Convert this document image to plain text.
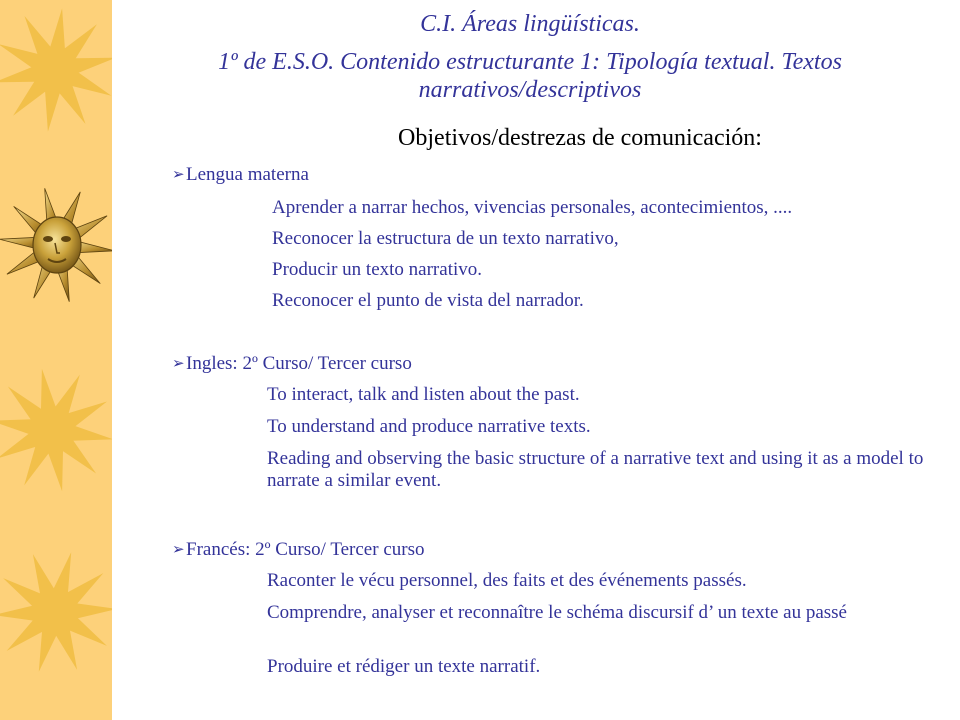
C.I. Áreas lingüísticas.
1º de E.S.O. Contenido estructurante 1: Tipología textual. Textos narrativos/descriptivos
Objetivos/destrezas de comunicación:
➢Lengua materna
Aprender a narrar hechos, vivencias personales, acontecimientos, ....
Reconocer la estructura de un texto narrativo,
Producir un texto narrativo.
Reconocer el punto de vista del narrador.
➢Ingles: 2º Curso/ Tercer curso
To interact, talk and listen about the past.
To understand and produce narrative texts.
Reading and observing the basic structure of a narrative text and using it as a model to narrate a similar event.
➢Francés: 2º Curso/ Tercer curso
Raconter le vécu personnel, des faits et des événements passés.
Comprendre, analyser et reconnaître le schéma discursif d’ un texte au passé
Produire et rédiger un texte narratif.
